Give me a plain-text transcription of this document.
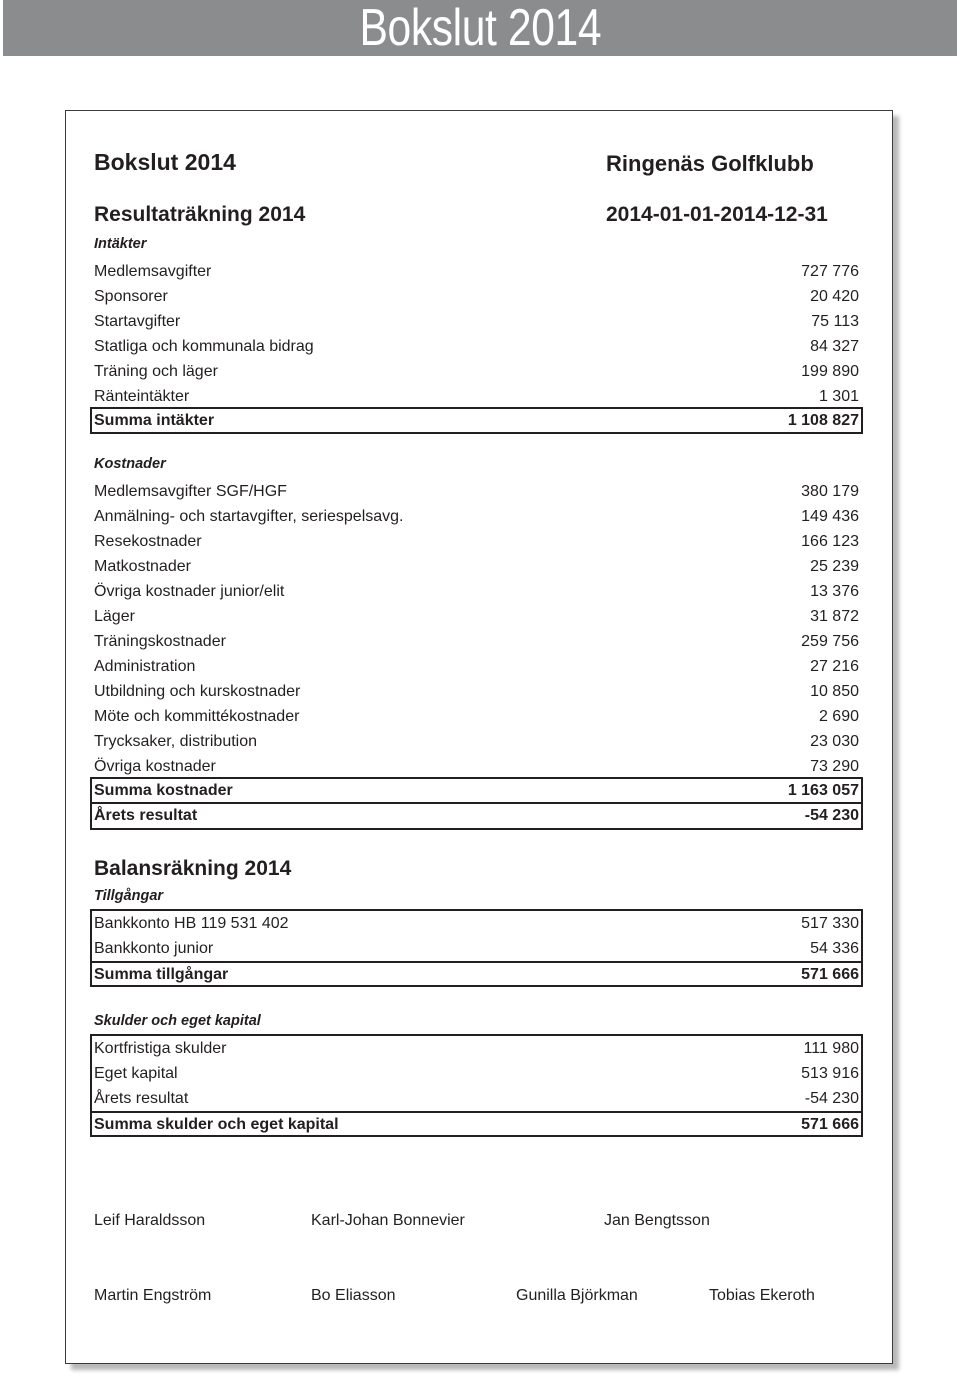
Bokslut 2014
Bokslut 2014	Ringenäs Golfklubb
Resultaträkning 2014	2014-01-01-2014-12-31
Intäkter
Medlemsavgifter	727 776
Sponsorer	20 420
Startavgifter	75 113
Statliga och kommunala bidrag	84 327
Träning och läger	199 890
Ränteintäkter	1 301
Summa intäkter	1 108 827
Kostnader
Medlemsavgifter SGF/HGF	380 179
Anmälning- och startavgifter, seriespelsavg.	149 436
Resekostnader	166 123
Matkostnader	25 239
Övriga kostnader junior/elit	13 376
Läger	31 872
Träningskostnader	259 756
Administration	27 216
Utbildning och kurskostnader	10 850
Möte och kommittékostnader	2 690
Trycksaker, distribution	23 030
Övriga kostnader	73 290
Summa kostnader	1 163 057
Årets resultat	-54 230
Balansräkning 2014
Tillgångar
Bankkonto HB 119 531 402	517 330
Bankkonto junior	54 336
Summa tillgångar	571 666
Skulder och eget kapital
Kortfristiga skulder	111 980
Eget kapital	513 916
Årets resultat	-54 230
Summa skulder och eget kapital	571 666
Leif Haraldsson	Karl-Johan Bonnevier	Jan Bengtsson
Martin Engström	Bo Eliasson	Gunilla Björkman	Tobias Ekeroth
